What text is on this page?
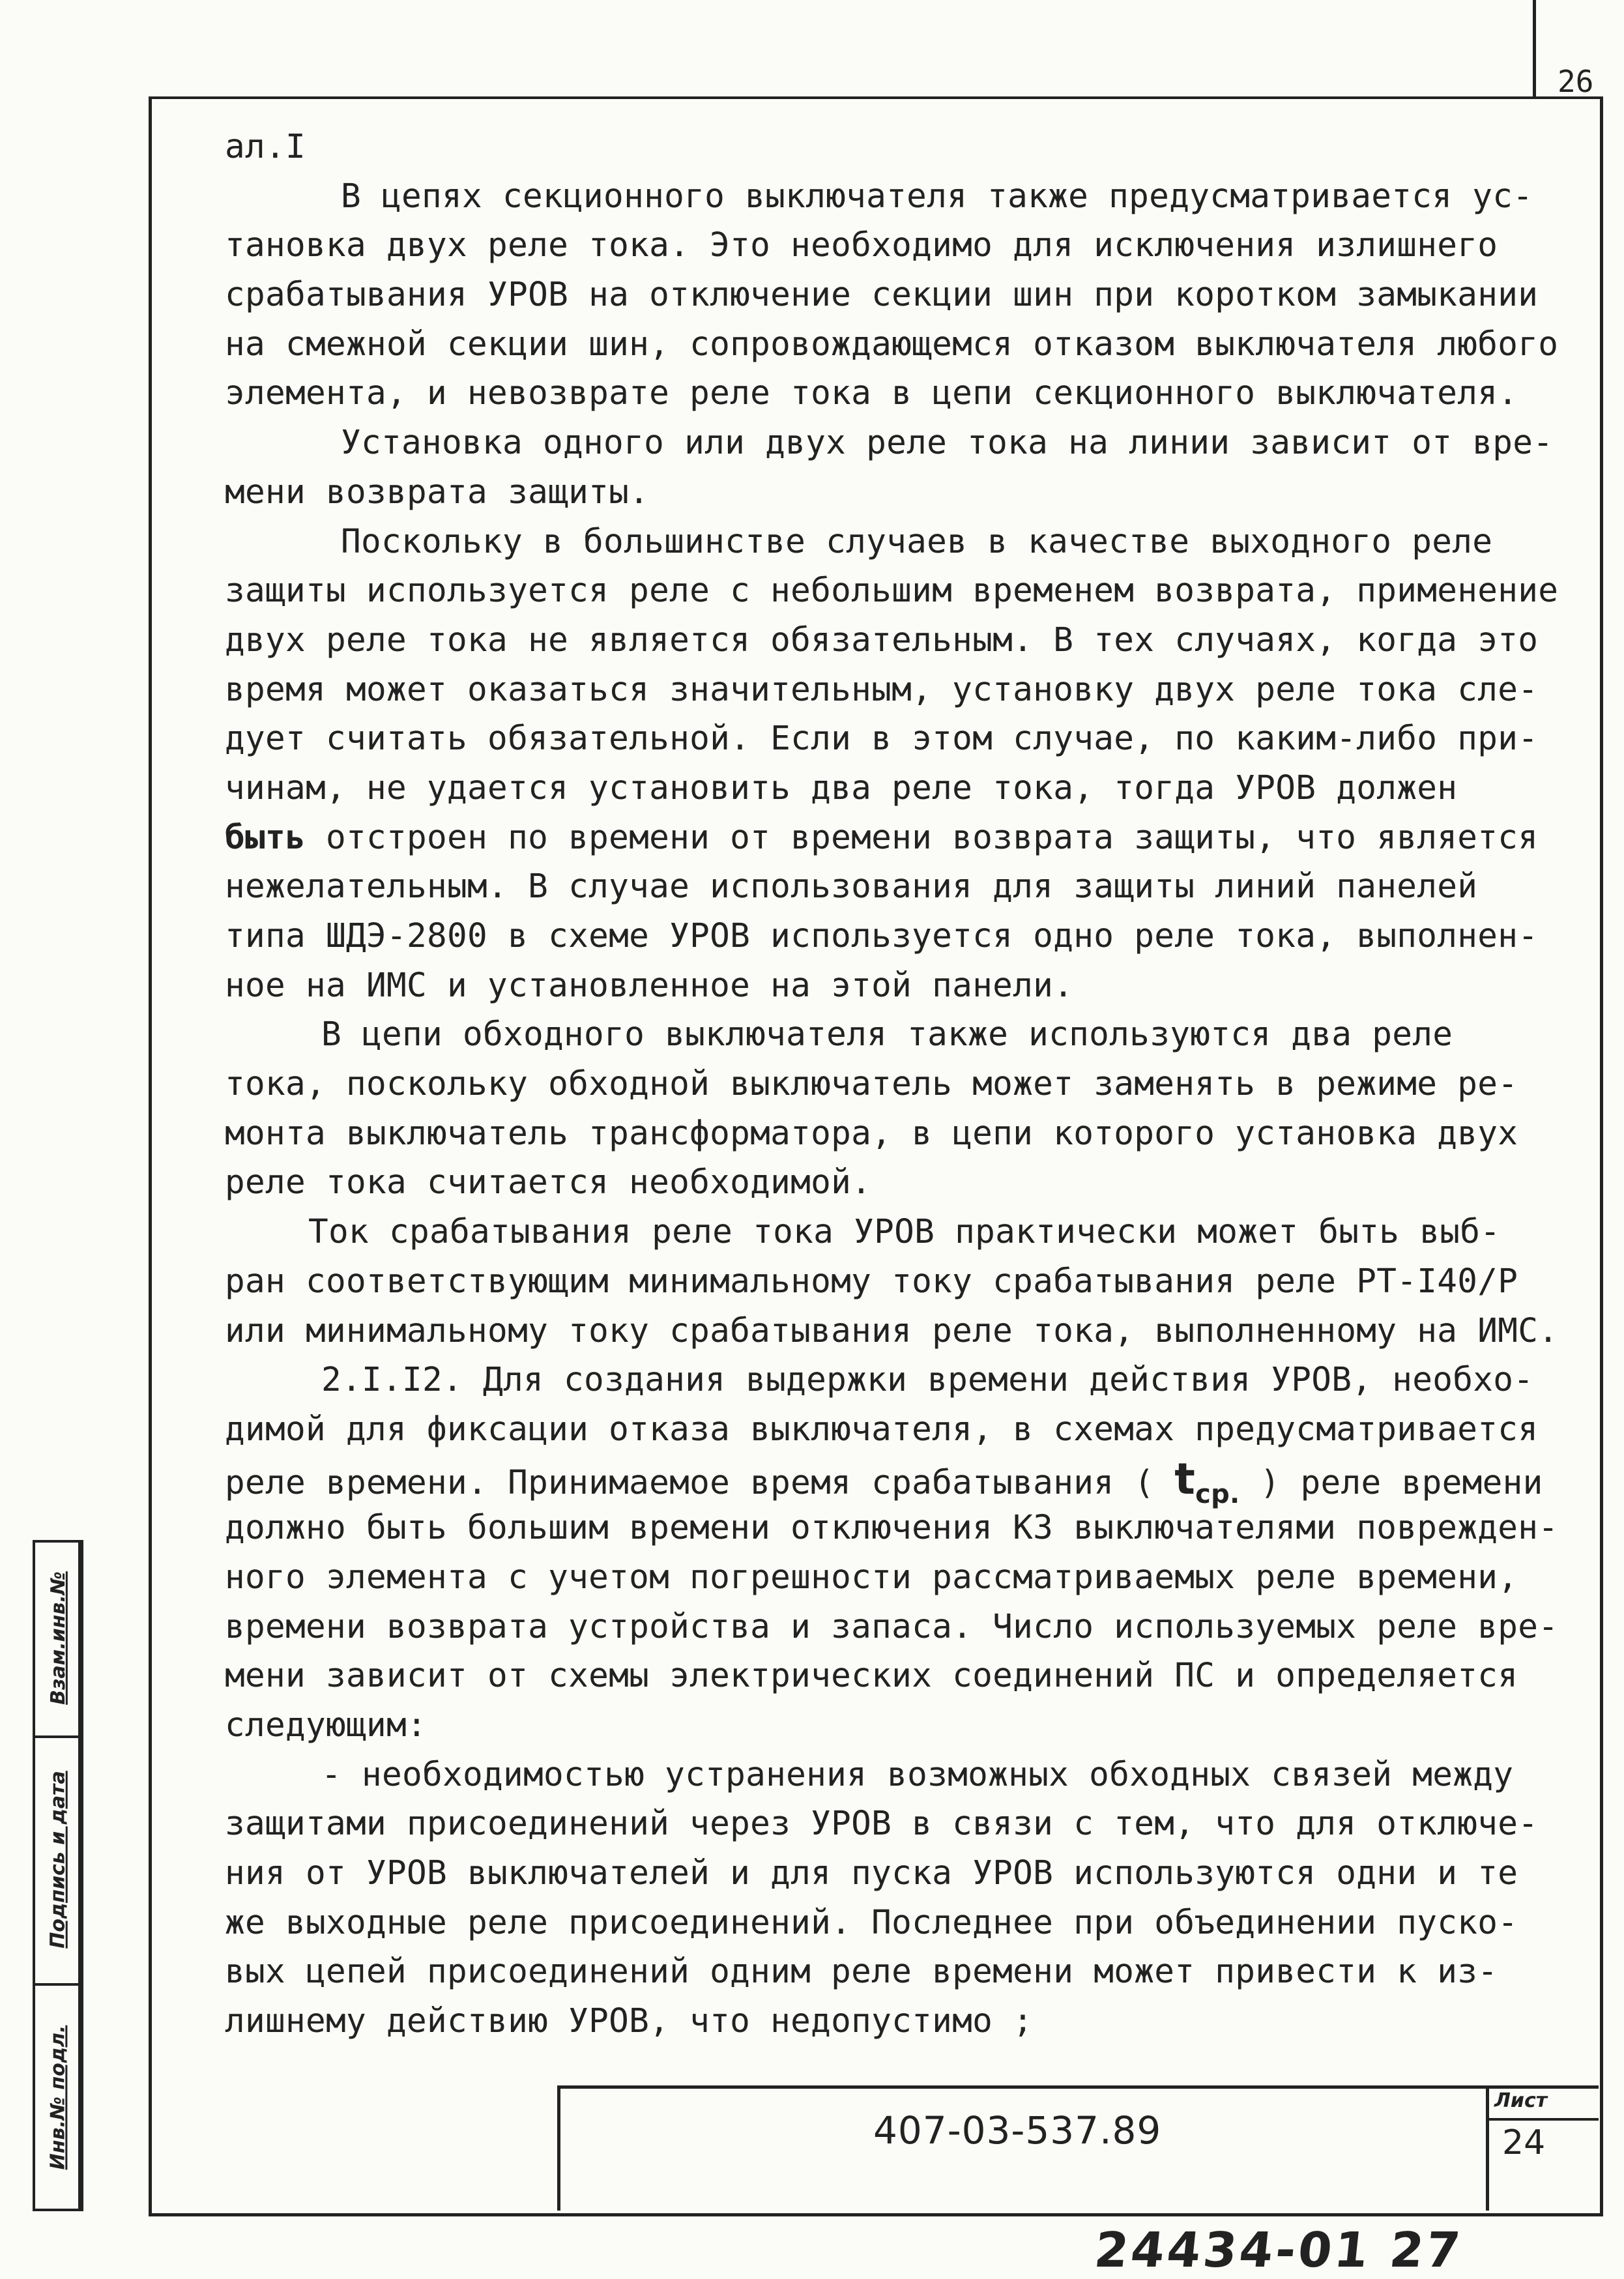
26
ал.I
В цепях секционного выключателя также предусматривается ус-
тановка двух реле тока. Это необходимо для исключения излишнего
срабатывания УРОВ на отключение секции шин при коротком замыкании
на смежной секции шин, сопровождающемся отказом выключателя любого
элемента, и невозврате реле тока в цепи секционного выключателя.
Установка одного или двух реле тока на линии зависит от вре-
мени возврата защиты.
Поскольку в большинстве случаев в качестве выходного реле
защиты используется реле с небольшим временем возврата, применение
двух реле тока не является обязательным. В тех случаях, когда это
время может оказаться значительным, установку двух реле тока сле-
дует считать обязательной. Если в этом случае, по каким-либо при-
чинам, не удается установить два реле тока, тогда УРОВ должен
быть отстроен по времени от времени возврата защиты, что является
нежелательным. В случае использования для защиты линий панелей
типа ШДЭ-2800 в схеме УРОВ используется одно реле тока, выполнен-
ное на ИМС и установленное на этой панели.
В цепи обходного выключателя также используются два реле
тока, поскольку обходной выключатель может заменять в режиме ре-
монта выключатель трансформатора, в цепи которого установка двух
реле тока считается необходимой.
Ток срабатывания реле тока УРОВ практически может быть выб-
ран соответствующим минимальному току срабатывания реле РТ-I40/Р
или минимальному току срабатывания реле тока, выполненному на ИМС.
2.I.I2. Для создания выдержки времени действия УРОВ, необхо-
димой для фиксации отказа выключателя, в схемах предусматривается
реле времени. Принимаемое время срабатывания ( $t_{ср.}$ ) реле времени
должно быть большим времени отключения КЗ выключателями поврежден-
ного элемента с учетом погрешности рассматриваемых реле времени,
времени возврата устройства и запаса. Число используемых реле вре-
мени зависит от схемы электрических соединений ПС и определяется
следующим:
- необходимостью устранения возможных обходных связей между
защитами присоединений через УРОВ в связи с тем, что для отключе-
ния от УРОВ выключателей и для пуска УРОВ используются одни и те
же выходные реле присоединений. Последнее при объединении пуско-
вых цепей присоединений одним реле времени может привести к из-
лишнему действию УРОВ, что недопустимо ;
Инв.№ подл.
Подпись и дата
Взам.инв.№
407-03-537.89
Лист
24
24434-01 27
